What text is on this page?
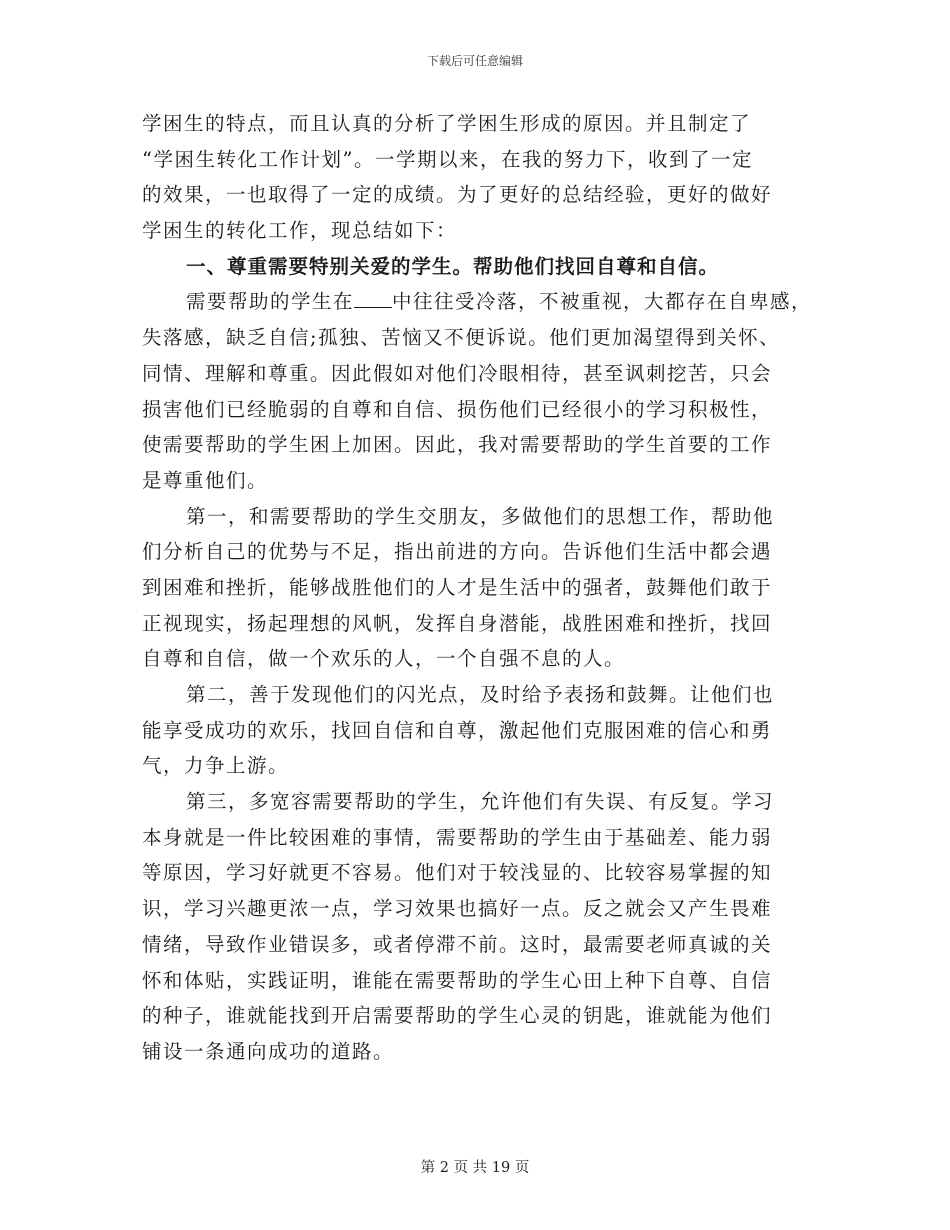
下载后可任意编辑
学困生的特点，而且认真的分析了学困生形成的原因。并且制定了
“学困生转化工作计划”。一学期以来，在我的努力下，收到了一定
的效果，一也取得了一定的成绩。为了更好的总结经验，更好的做好
学困生的转化工作，现总结如下：
一、尊重需要特别关爱的学生。帮助他们找回自尊和自信。
需要帮助的学生在 中往往受冷落，不被重视，大都存在自卑感，
失落感，缺乏自信;孤独、苦恼又不便诉说。他们更加渴望得到关怀、
同情、理解和尊重。因此假如对他们冷眼相待，甚至讽刺挖苦，只会
损害他们已经脆弱的自尊和自信、损伤他们已经很小的学习积极性，
使需要帮助的学生困上加困。因此，我对需要帮助的学生首要的工作
是尊重他们。
第一，和需要帮助的学生交朋友，多做他们的思想工作，帮助他
们分析自己的优势与不足，指出前进的方向。告诉他们生活中都会遇
到困难和挫折，能够战胜他们的人才是生活中的强者，鼓舞他们敢于
正视现实，扬起理想的风帆，发挥自身潜能，战胜困难和挫折，找回
自尊和自信，做一个欢乐的人，一个自强不息的人。
第二，善于发现他们的闪光点，及时给予表扬和鼓舞。让他们也
能享受成功的欢乐，找回自信和自尊，激起他们克服困难的信心和勇
气，力争上游。
第三，多宽容需要帮助的学生，允许他们有失误、有反复。学习
本身就是一件比较困难的事情，需要帮助的学生由于基础差、能力弱
等原因，学习好就更不容易。他们对于较浅显的、比较容易掌握的知
识，学习兴趣更浓一点，学习效果也搞好一点。反之就会又产生畏难
情绪，导致作业错误多，或者停滞不前。这时，最需要老师真诚的关
怀和体贴，实践证明，谁能在需要帮助的学生心田上种下自尊、自信
的种子，谁就能找到开启需要帮助的学生心灵的钥匙，谁就能为他们
铺设一条通向成功的道路。
第 2 页 共 19 页
